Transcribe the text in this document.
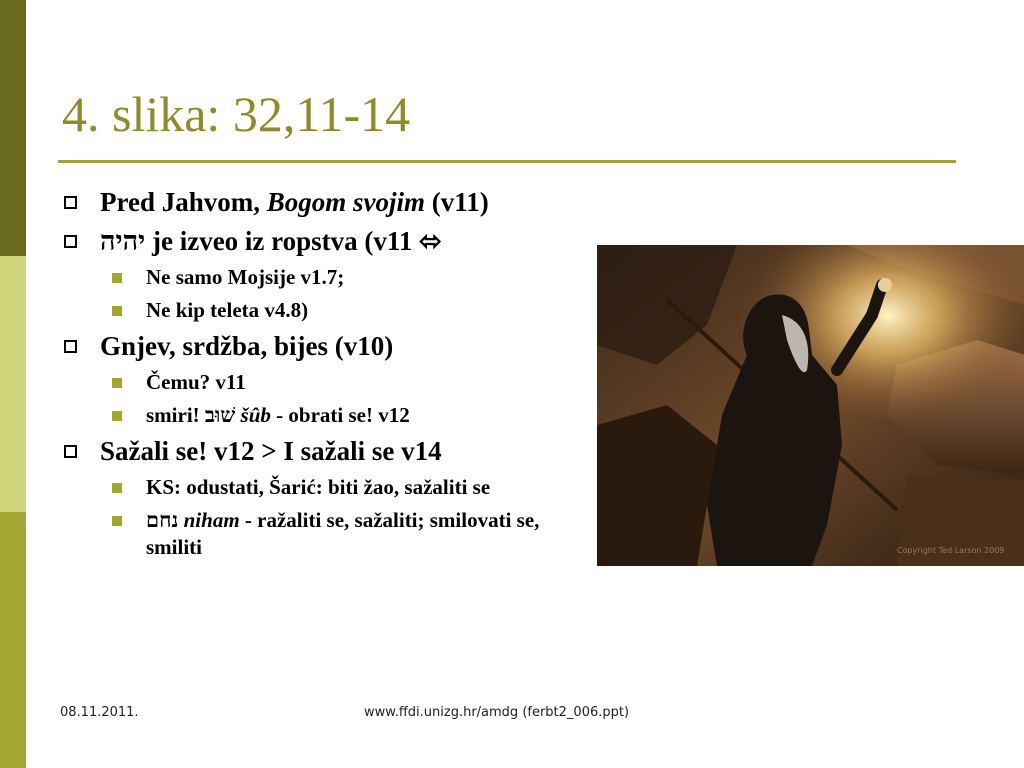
4. slika: 32,11-14
Pred Jahvom, Bogom svojim (v11)
יהיה je izveo iz ropstva (v11 ⬄
Ne samo Mojsije v1.7;
Ne kip teleta v4.8)
Gnjev, srdžba, bijes (v10)
Čemu? v11
smiri! שׁוּב šûb - obrati se! v12
Sažali se! v12 > I sažali se v14
KS: odustati, Šarić: biti žao, sažaliti se
נחם niham - ražaliti se, sažaliti; smilovati se, smiliti	Copyright Ted Larson 2009
08.11.2011.	www.ffdi.unizg.hr/amdg (ferbt2_006.ppt)
